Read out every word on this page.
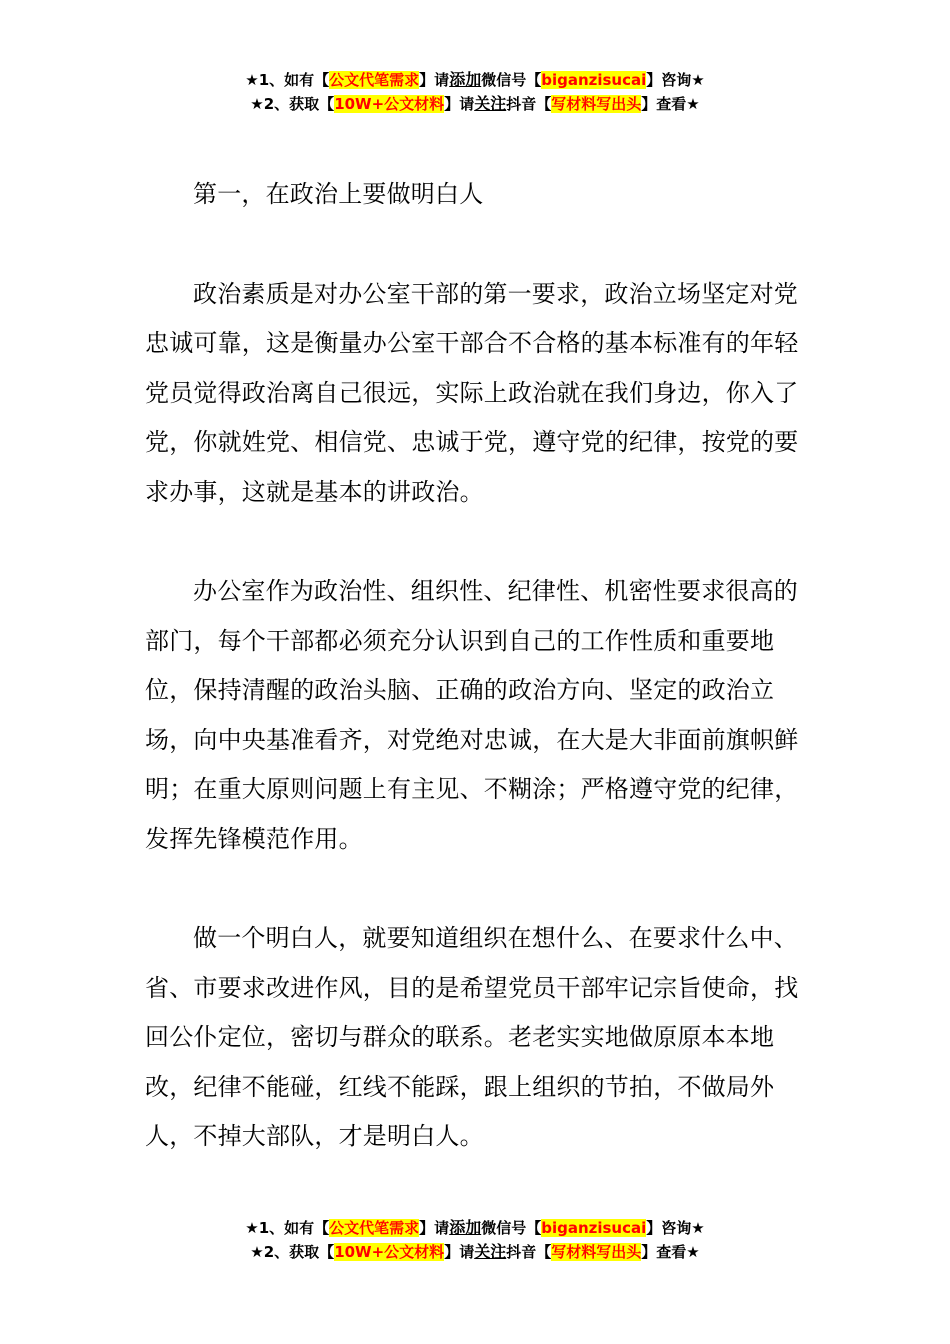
★1、如有【公文代笔需求】请添加微信号【biganzisucai】咨询★
★2、获取【10W+公文材料】请关注抖音【写材料写出头】查看★

第一，在政治上要做明白人

政治素质是对办公室干部的第一要求，政治立场坚定对党忠诚可靠，这是衡量办公室干部合不合格的基本标准有的年轻党员觉得政治离自己很远，实际上政治就在我们身边，你入了党，你就姓党、相信党、忠诚于党，遵守党的纪律，按党的要求办事，这就是基本的讲政治。

办公室作为政治性、组织性、纪律性、机密性要求很高的部门，每个干部都必须充分认识到自己的工作性质和重要地位，保持清醒的政治头脑、正确的政治方向、坚定的政治立场，向中央基准看齐，对党绝对忠诚，在大是大非面前旗帜鲜明；在重大原则问题上有主见、不糊涂；严格遵守党的纪律，发挥先锋模范作用。

做一个明白人，就要知道组织在想什么、在要求什么中、省、市要求改进作风，目的是希望党员干部牢记宗旨使命，找回公仆定位，密切与群众的联系。老老实实地做原原本本地改，纪律不能碰，红线不能踩，跟上组织的节拍，不做局外人，不掉大部队，才是明白人。

★1、如有【公文代笔需求】请添加微信号【biganzisucai】咨询★
★2、获取【10W+公文材料】请关注抖音【写材料写出头】查看★
